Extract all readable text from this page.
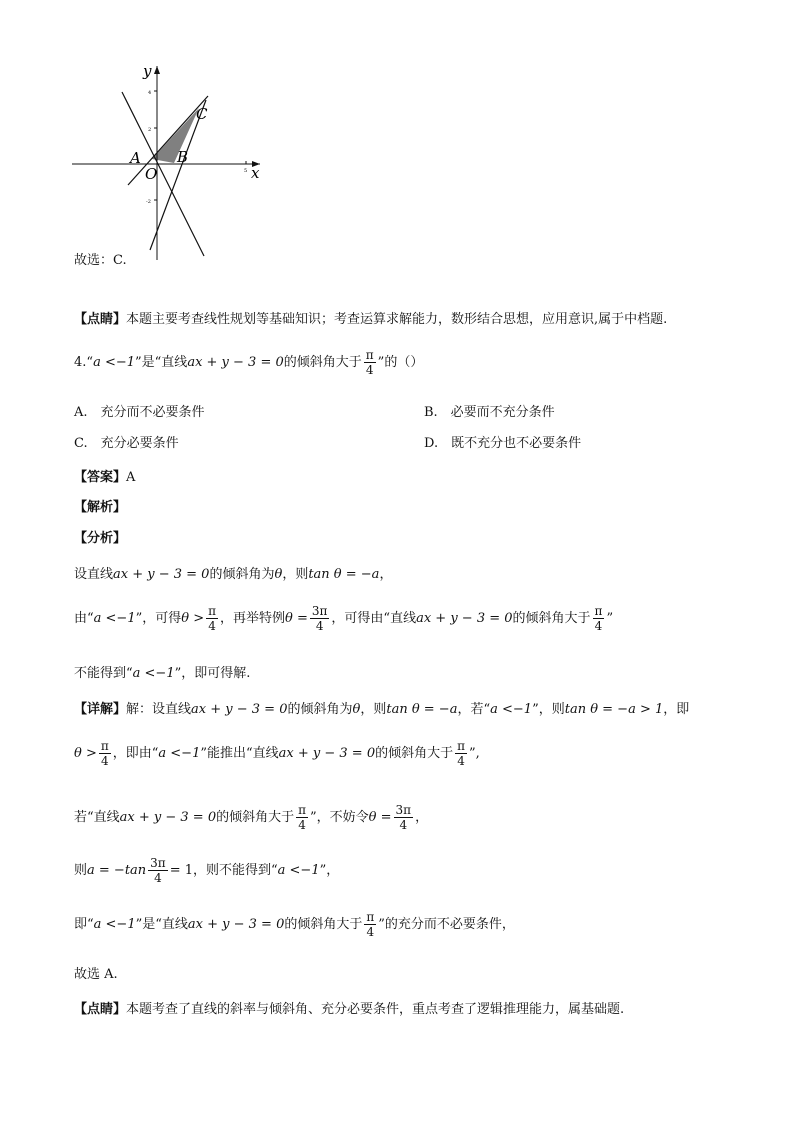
y
x
O
A B
C
4
2
-2
5
故选：C.
【点睛】本题主要考查线性规划等基础知识；考查运算求解能力，数形结合思想，应用意识,属于中档题.
4.“a <−1”是“直线ax + y − 3 = 0的倾斜角大于 $\frac{\pi}{4}$ ”的（）
A.　充分而不必要条件	B.　必要而不充分条件
C.　充分必要条件	D.　既不充分也不必要条件
【答案】A
【解析】
【分析】
设直线ax + y − 3 = 0的倾斜角为θ，则tan θ = −a，
由“a <−1”，可得$\theta > \frac{\pi}{4}$ ，再举特例$\theta = \frac{3\pi}{4}$ ，可得由“直线ax + y − 3 = 0的倾斜角大于 $\frac{\pi}{4}$ ”
不能得到“a <−1”，即可得解.
【详解】解：设直线ax + y − 3 = 0的倾斜角为θ，则tan θ = −a，若“a <−1”，则tan θ = −a > 1，即
$\theta > \frac{\pi}{4}$ ，即由“a <−1”能推出“直线ax + y − 3 = 0的倾斜角大于 $\frac{\pi}{4}$ ”,
若“直线ax + y − 3 = 0的倾斜角大于 $\frac{\pi}{4}$ ”，不妨令$\theta = \frac{3\pi}{4}$ ，
则$a = -\tan \frac{3\pi}{4} = 1$，则不能得到“a <−1”，
即“a <−1”是“直线ax + y − 3 = 0的倾斜角大于 $\frac{\pi}{4}$ ”的充分而不必要条件，
故选 A.
【点睛】本题考查了直线的斜率与倾斜角、充分必要条件，重点考查了逻辑推理能力，属基础题.
